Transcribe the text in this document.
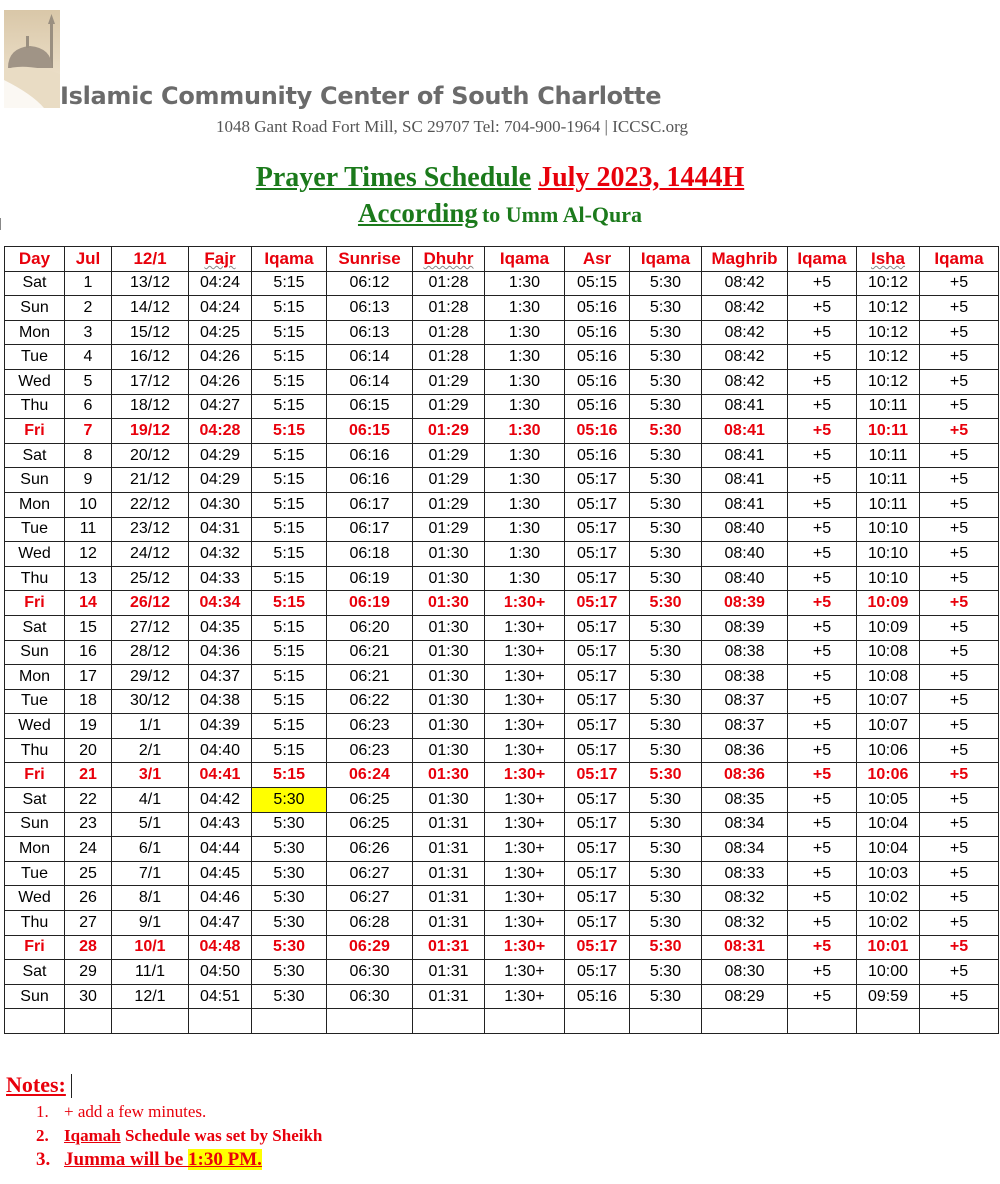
Islamic Community Center of South Charlotte
1048 Gant Road Fort Mill, SC 29707 Tel: 704-900-1964 | ICCSC.org
Prayer Times Schedule July 2023, 1444H
According to Umm Al-Qura
Day	Jul	12/1	Fajr	Iqama	Sunrise	Dhuhr	Iqama	Asr	Iqama	Maghrib	Iqama	Isha	Iqama
Sat	1	13/12	04:24	5:15	06:12	01:28	1:30	05:15	5:30	08:42	+5	10:12	+5
Sun	2	14/12	04:24	5:15	06:13	01:28	1:30	05:16	5:30	08:42	+5	10:12	+5
Mon	3	15/12	04:25	5:15	06:13	01:28	1:30	05:16	5:30	08:42	+5	10:12	+5
Tue	4	16/12	04:26	5:15	06:14	01:28	1:30	05:16	5:30	08:42	+5	10:12	+5
Wed	5	17/12	04:26	5:15	06:14	01:29	1:30	05:16	5:30	08:42	+5	10:12	+5
Thu	6	18/12	04:27	5:15	06:15	01:29	1:30	05:16	5:30	08:41	+5	10:11	+5
Fri	7	19/12	04:28	5:15	06:15	01:29	1:30	05:16	5:30	08:41	+5	10:11	+5
Sat	8	20/12	04:29	5:15	06:16	01:29	1:30	05:16	5:30	08:41	+5	10:11	+5
Sun	9	21/12	04:29	5:15	06:16	01:29	1:30	05:17	5:30	08:41	+5	10:11	+5
Mon	10	22/12	04:30	5:15	06:17	01:29	1:30	05:17	5:30	08:41	+5	10:11	+5
Tue	11	23/12	04:31	5:15	06:17	01:29	1:30	05:17	5:30	08:40	+5	10:10	+5
Wed	12	24/12	04:32	5:15	06:18	01:30	1:30	05:17	5:30	08:40	+5	10:10	+5
Thu	13	25/12	04:33	5:15	06:19	01:30	1:30	05:17	5:30	08:40	+5	10:10	+5
Fri	14	26/12	04:34	5:15	06:19	01:30	1:30+	05:17	5:30	08:39	+5	10:09	+5
Sat	15	27/12	04:35	5:15	06:20	01:30	1:30+	05:17	5:30	08:39	+5	10:09	+5
Sun	16	28/12	04:36	5:15	06:21	01:30	1:30+	05:17	5:30	08:38	+5	10:08	+5
Mon	17	29/12	04:37	5:15	06:21	01:30	1:30+	05:17	5:30	08:38	+5	10:08	+5
Tue	18	30/12	04:38	5:15	06:22	01:30	1:30+	05:17	5:30	08:37	+5	10:07	+5
Wed	19	1/1	04:39	5:15	06:23	01:30	1:30+	05:17	5:30	08:37	+5	10:07	+5
Thu	20	2/1	04:40	5:15	06:23	01:30	1:30+	05:17	5:30	08:36	+5	10:06	+5
Fri	21	3/1	04:41	5:15	06:24	01:30	1:30+	05:17	5:30	08:36	+5	10:06	+5
Sat	22	4/1	04:42	5:30	06:25	01:30	1:30+	05:17	5:30	08:35	+5	10:05	+5
Sun	23	5/1	04:43	5:30	06:25	01:31	1:30+	05:17	5:30	08:34	+5	10:04	+5
Mon	24	6/1	04:44	5:30	06:26	01:31	1:30+	05:17	5:30	08:34	+5	10:04	+5
Tue	25	7/1	04:45	5:30	06:27	01:31	1:30+	05:17	5:30	08:33	+5	10:03	+5
Wed	26	8/1	04:46	5:30	06:27	01:31	1:30+	05:17	5:30	08:32	+5	10:02	+5
Thu	27	9/1	04:47	5:30	06:28	01:31	1:30+	05:17	5:30	08:32	+5	10:02	+5
Fri	28	10/1	04:48	5:30	06:29	01:31	1:30+	05:17	5:30	08:31	+5	10:01	+5
Sat	29	11/1	04:50	5:30	06:30	01:31	1:30+	05:17	5:30	08:30	+5	10:00	+5
Sun	30	12/1	04:51	5:30	06:30	01:31	1:30+	05:16	5:30	08:29	+5	09:59	+5

Notes:
1. + add a few minutes.
2. Iqamah Schedule was set by Sheikh
3. Jumma will be 1:30 PM.
